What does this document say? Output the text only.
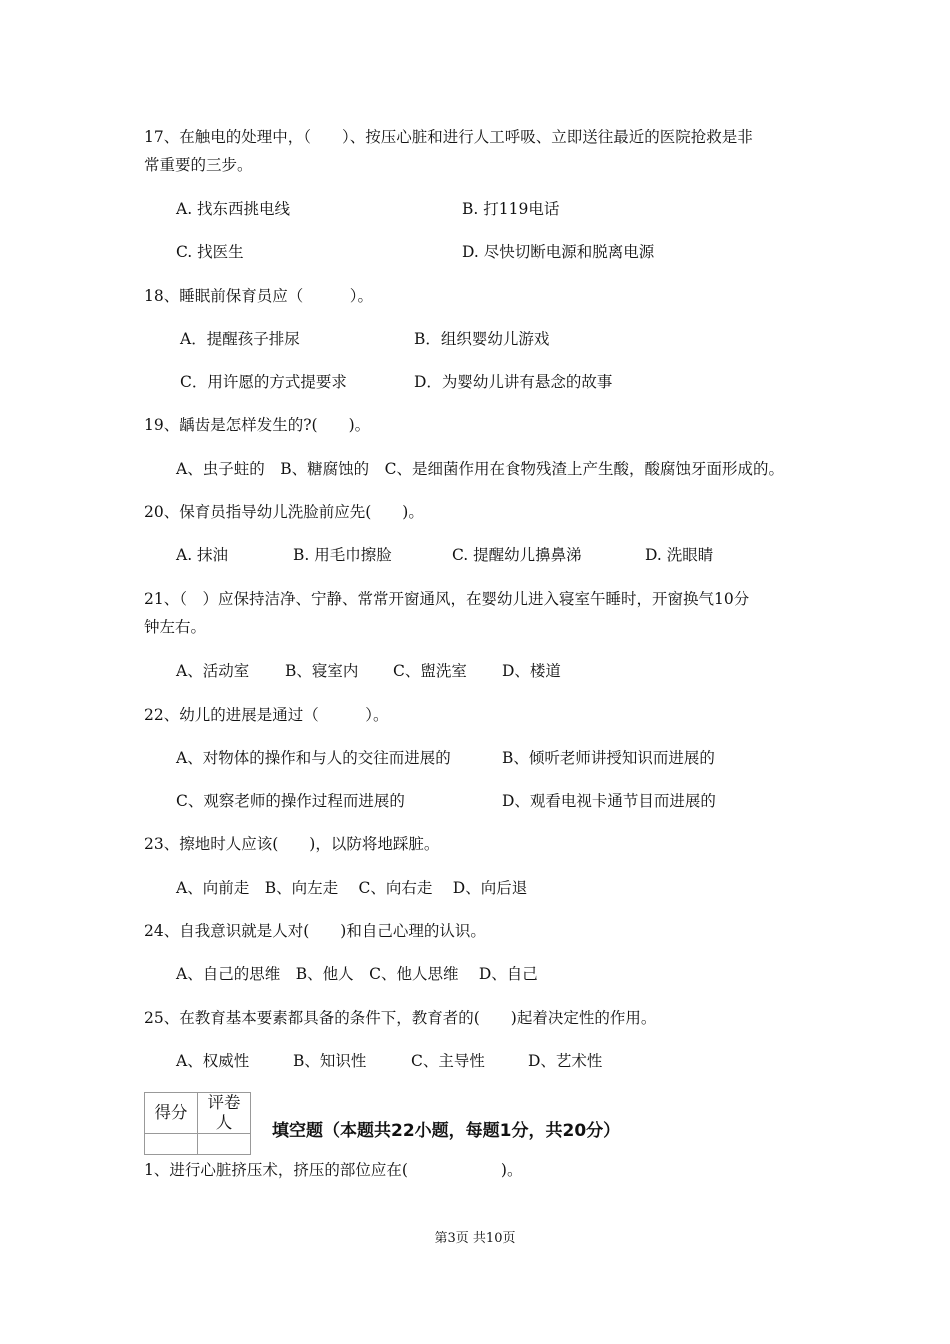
17、在触电的处理中，（　　）、按压心脏和进行人工呼吸、立即送往最近的医院抢救是非
常重要的三步。
A. 找东西挑电线	B. 打119电话
C. 找医生	D. 尽快切断电源和脱离电源
18、睡眠前保育员应（　　　）。
A．提醒孩子排尿	B．组织婴幼儿游戏
C．用许愿的方式提要求	D．为婴幼儿讲有悬念的故事
19、龋齿是怎样发生的?(　　)。
A、虫子蛀的　B、糖腐蚀的　C、是细菌作用在食物残渣上产生酸，酸腐蚀牙面形成的。
20、保育员指导幼儿洗脸前应先(　　)。
A. 抹油	B. 用毛巾擦脸	C. 提醒幼儿擤鼻涕	D. 洗眼睛
21、（　）应保持洁净、宁静、常常开窗通风，在婴幼儿进入寝室午睡时，开窗换气10分
钟左右。
A、活动室 B、寝室内 C、盥洗室 D、楼道
22、幼儿的进展是通过（　　　）。
A、对物体的操作和与人的交往而进展的	B、倾听老师讲授知识而进展的
C、观察老师的操作过程而进展的	D、观看电视卡通节目而进展的
23、擦地时人应该(　　)，以防将地踩脏。
A、向前走　B、向左走　 C、向右走　 D、向后退
24、自我意识就是人对(　　)和自己心理的认识。
A、自己的思维　B、他人　C、他人思维　 D、自己
25、在教育基本要素都具备的条件下，教育者的(　　)起着决定性的作用。
A、权威性	B、知识性	C、主导性	D、艺术性
得分	评卷人
	填空题（本题共22小题，每题1分，共20分）
1、进行心脏挤压术，挤压的部位应在(　　　　　　)。
第3页 共10页
